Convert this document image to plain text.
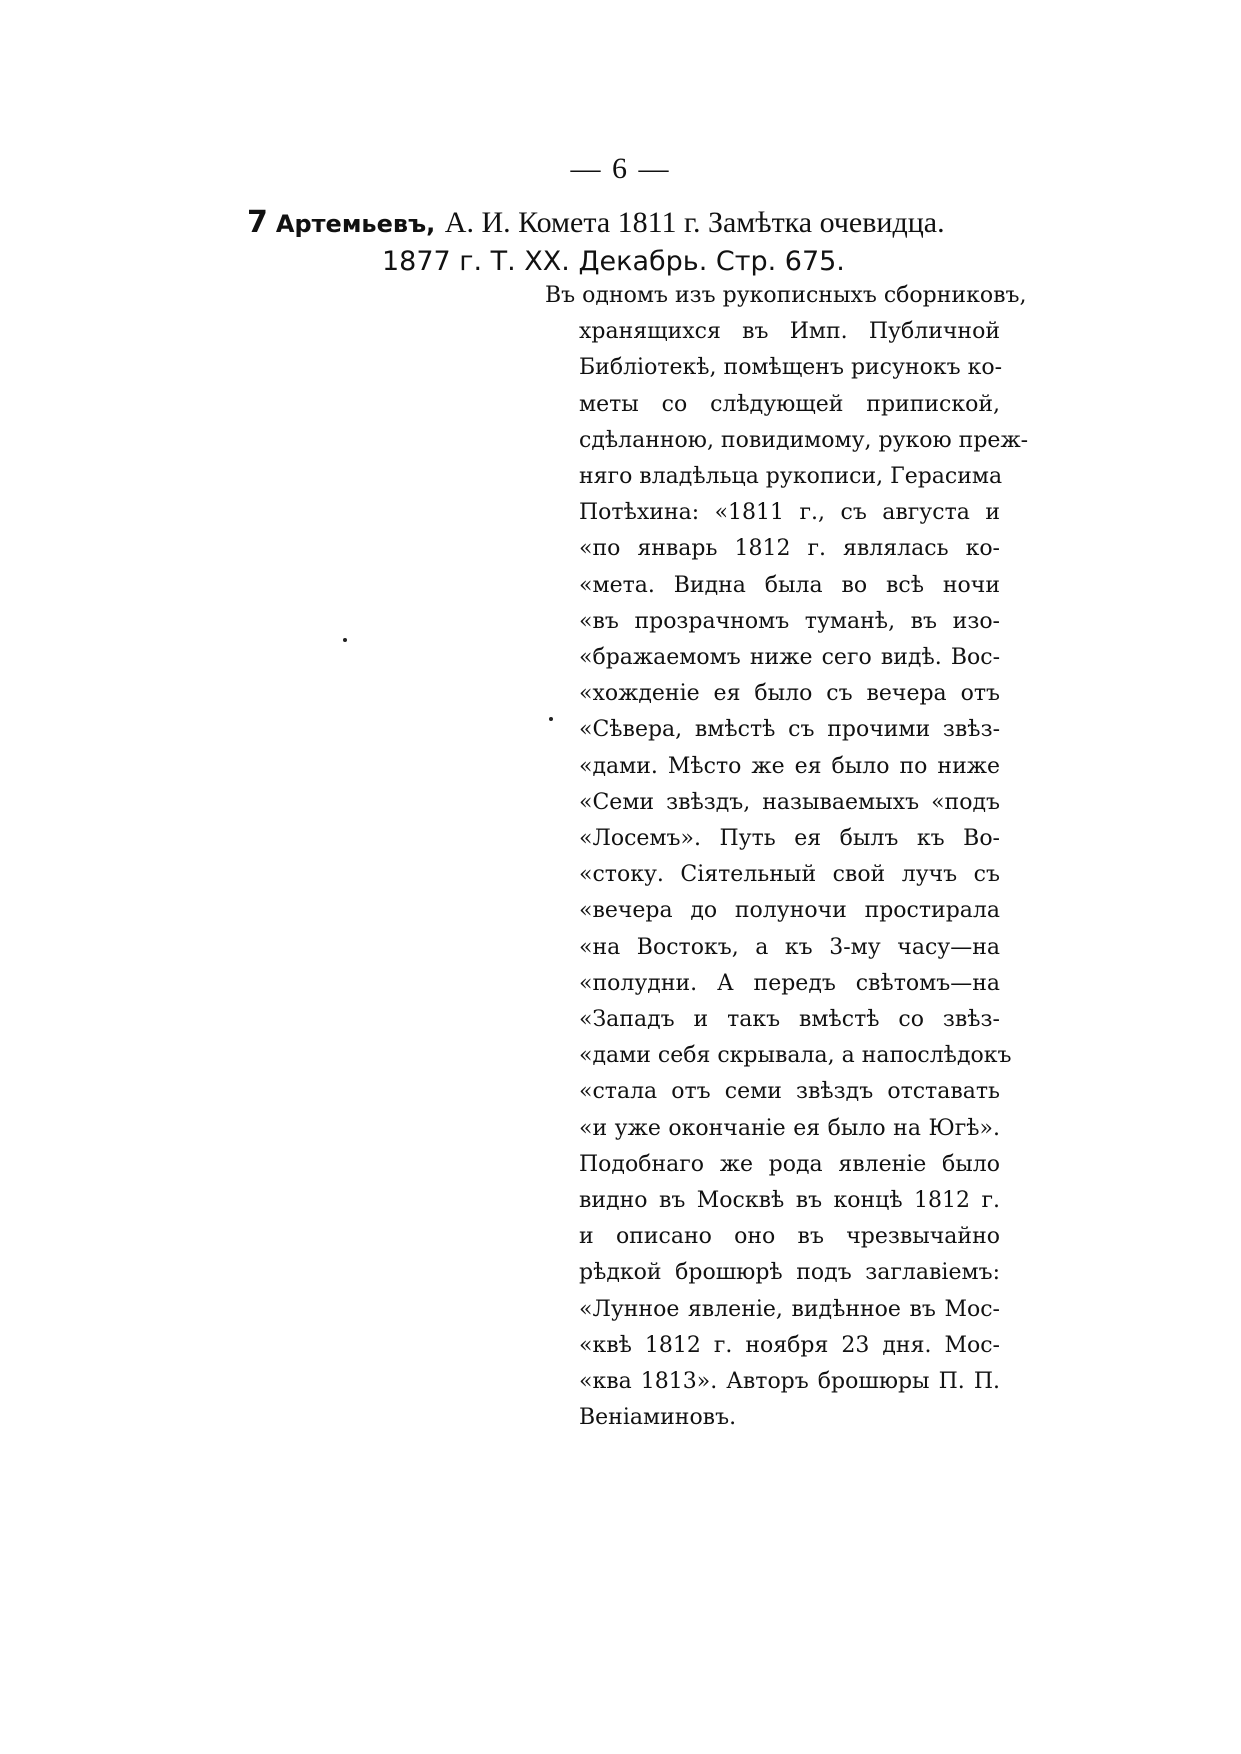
— 6 —
7 Артемьевъ, А. И. Комета 1811 г. Замѣтка очевидца.
1877 г. Т. XX. Декабрь. Стр. 675.
Въ одномъ изъ рукописныхъ сборниковъ,
хранящихся въ Имп. Публичной
Библіотекѣ, помѣщенъ рисунокъ ко-
меты со слѣдующей припиской,
сдѣланною, повидимому, рукою преж-
няго владѣльца рукописи, Герасима
Потѣхина: «1811 г., съ августа и
«по январь 1812 г. являлась ко-
«мета. Видна была во всѣ ночи
«въ прозрачномъ туманѣ, въ изо-
«бражаемомъ ниже сего видѣ. Вос-
«хожденіе ея было съ вечера отъ
«Сѣвера, вмѣстѣ съ прочими звѣз-
«дами. Мѣсто же ея было по ниже
«Семи звѣздъ, называемыхъ «подъ
«Лосемъ». Путь ея былъ къ Во-
«стоку. Сіятельный свой лучъ съ
«вечера до полуночи простирала
«на Востокъ, а къ 3-му часу—на
«полудни. А передъ свѣтомъ—на
«Западъ и такъ вмѣстѣ со звѣз-
«дами себя скрывала, а напослѣдокъ
«стала отъ семи звѣздъ отставать
«и уже окончаніе ея было на Югѣ».
Подобнаго же рода явленіе было
видно въ Москвѣ въ концѣ 1812 г.
и описано оно въ чрезвычайно
рѣдкой брошюрѣ подъ заглавіемъ:
«Лунное явленіе, видѣнное въ Мос-
«квѣ 1812 г. ноября 23 дня. Мос-
«ква 1813». Авторъ брошюры П. П.
Веніаминовъ.
